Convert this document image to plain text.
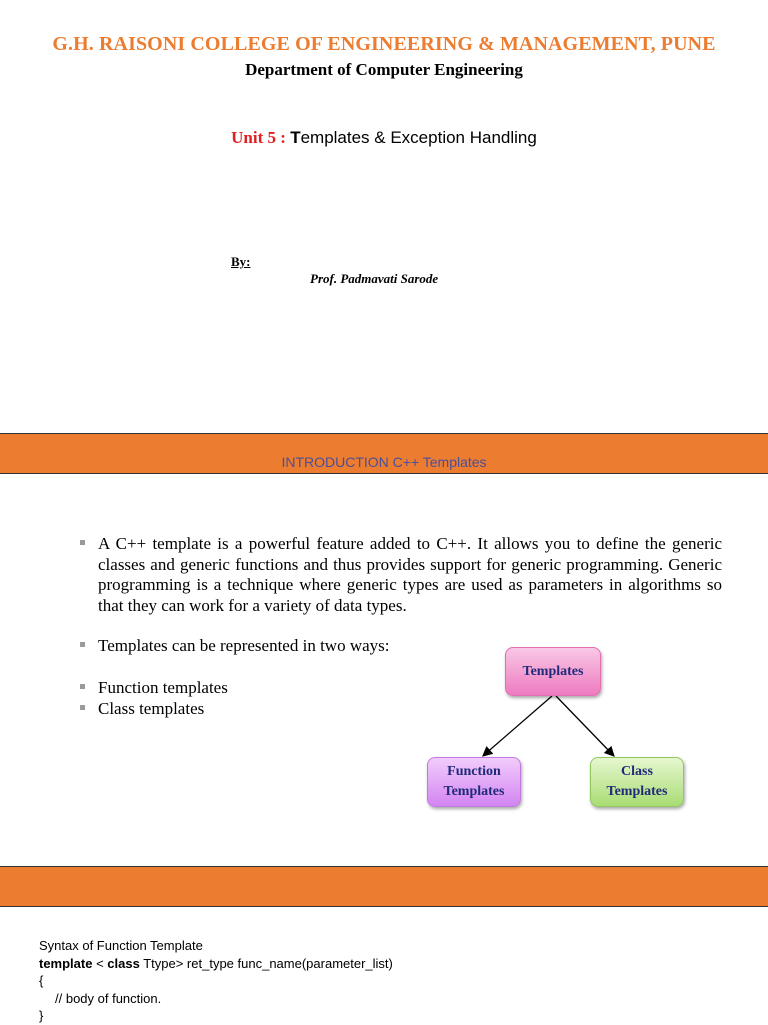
G.H. RAISONI COLLEGE OF ENGINEERING & MANAGEMENT, PUNE
Department of Computer Engineering
Unit 5 : Templates & Exception Handling
By:
Prof. Padmavati Sarode
INTRODUCTION C++ Templates
A C++ template is a powerful feature added to C++. It allows you to define the generic classes and generic functions and thus provides support for generic programming. Generic programming is a technique where generic types are used as parameters in algorithms so that they can work for a variety of data types.
Templates can be represented in two ways:
Function templates
Class templates
Templates
Function
Templates
Class
Templates
Syntax of Function Template
template < class Ttype> ret_type func_name(parameter_list)
{
// body of function.
}
